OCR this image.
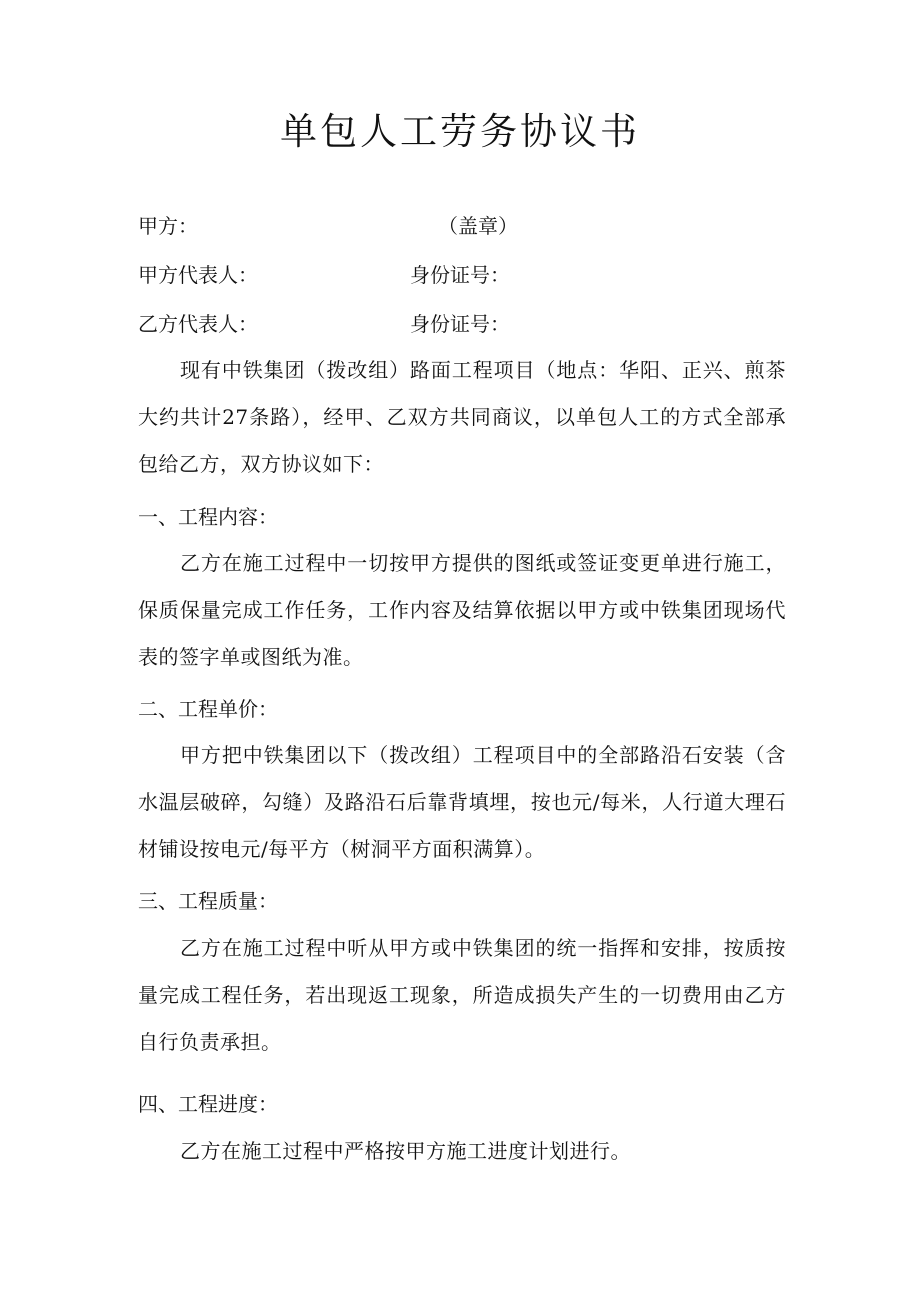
单包人工劳务协议书
甲方：	（盖章）
甲方代表人：	身份证号：
乙方代表人：	身份证号：
现有中铁集团（拨改组）路面工程项目（地点：华阳、正兴、煎茶大约共计27条路），经甲、乙双方共同商议，以单包人工的方式全部承包给乙方，双方协议如下：
一、工程内容：
乙方在施工过程中一切按甲方提供的图纸或签证变更单进行施工，保质保量完成工作任务，工作内容及结算依据以甲方或中铁集团现场代表的签字单或图纸为准。
二、工程单价：
甲方把中铁集团以下（拨改组）工程项目中的全部路沿石安装（含水温层破碎，勾缝）及路沿石后靠背填埋，按也元/每米，人行道大理石材铺设按电元/每平方（树洞平方面积满算）。
三、工程质量：
乙方在施工过程中听从甲方或中铁集团的统一指挥和安排，按质按量完成工程任务，若出现返工现象，所造成损失产生的一切费用由乙方自行负责承担。
四、工程进度：
乙方在施工过程中严格按甲方施工进度计划进行。
